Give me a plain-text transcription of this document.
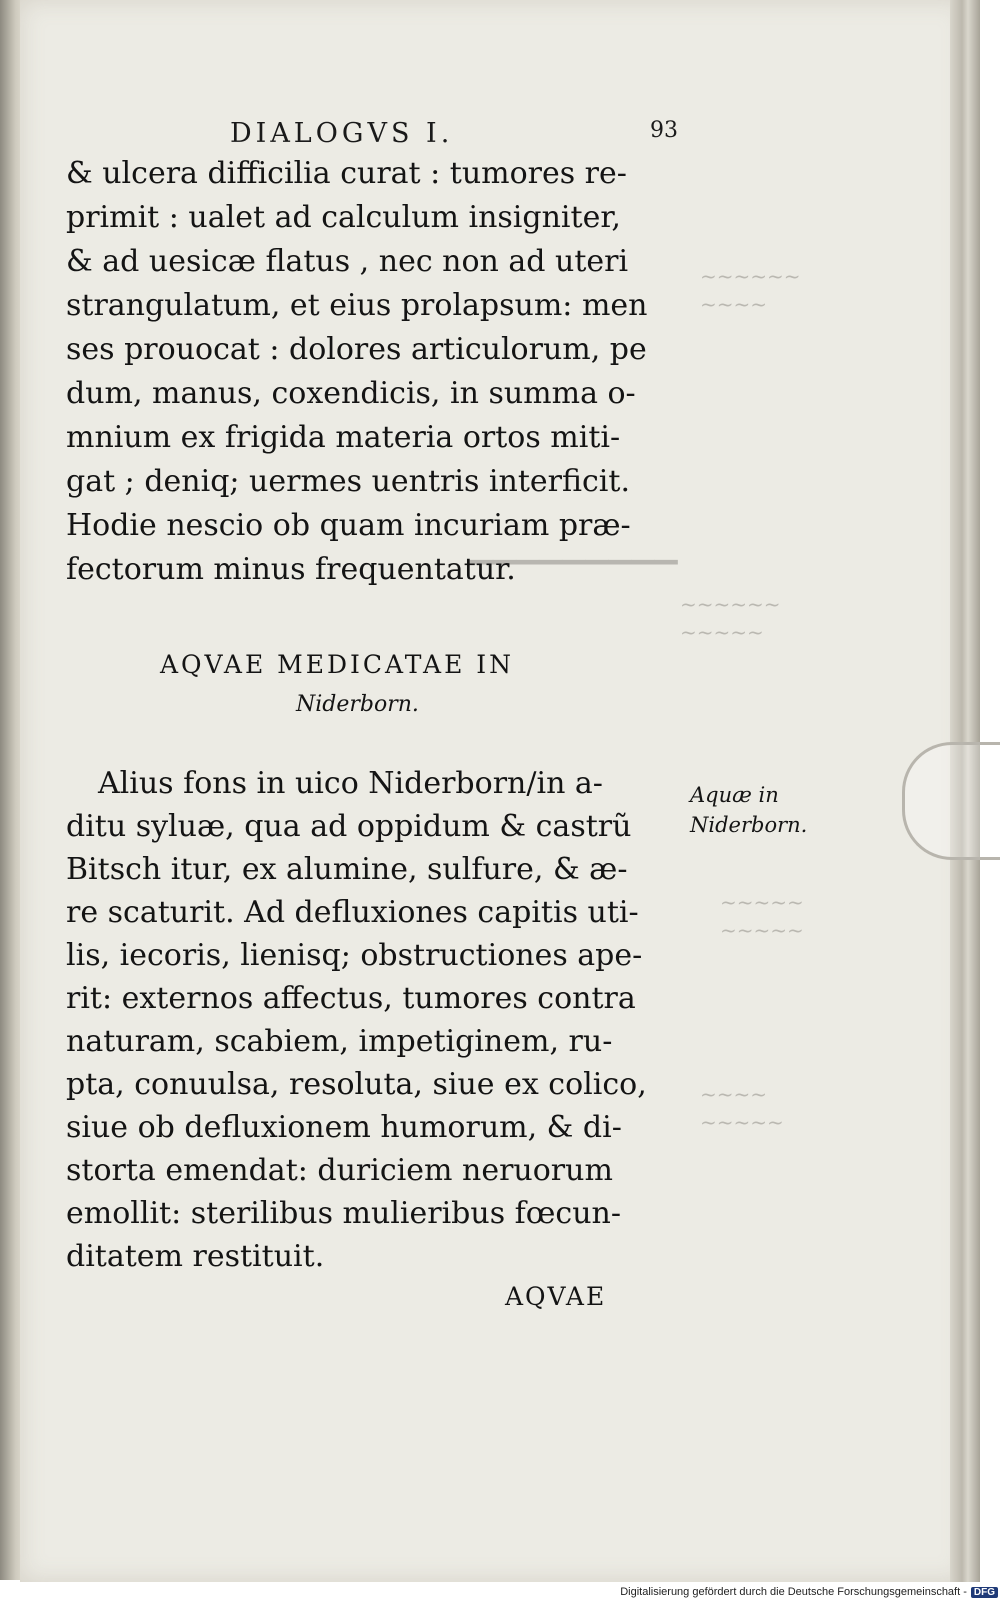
▁▁▁▁▁▁▁▁▁
~~~~~~
~~~~
~~~~~~
~~~~~
~~~~~
~~~~~
~~~~
~~~~~
DIALOGVS I.	93
& ulcera difficilia curat : tumores re-
primit : ualet ad calculum insigniter,
& ad uesicæ flatus , nec non ad uteri
strangulatum, et eius prolapsum: men
ses prouocat : dolores articulorum, pe
dum, manus, coxendicis, in summa o-
mnium ex frigida materia ortos miti-
gat ; deniq; uermes uentris interficit.
Hodie nescio ob quam incuriam præ-
fectorum minus frequentatur.
AQVAE MEDICATAE IN
Niderborn.
Alius fons in uico Niderborn/in a-
ditu syluæ, qua ad oppidum & castrũ
Bitsch itur, ex alumine, sulfure, & æ-
re scaturit. Ad defluxiones capitis uti-
lis, iecoris, lienisq; obstructiones ape-
rit: externos affectus, tumores contra
naturam, scabiem, impetiginem, ru-
pta, conuulsa, resoluta, siue ex colico,
siue ob defluxionem humorum, & di-
storta emendat: duriciem neruorum
emollit: sterilibus mulieribus fœcun-
ditatem restituit.
Aquæ in
Niderborn.
AQVAE
Digitalisierung gefördert durch die Deutsche Forschungsgemeinschaft - DFG
